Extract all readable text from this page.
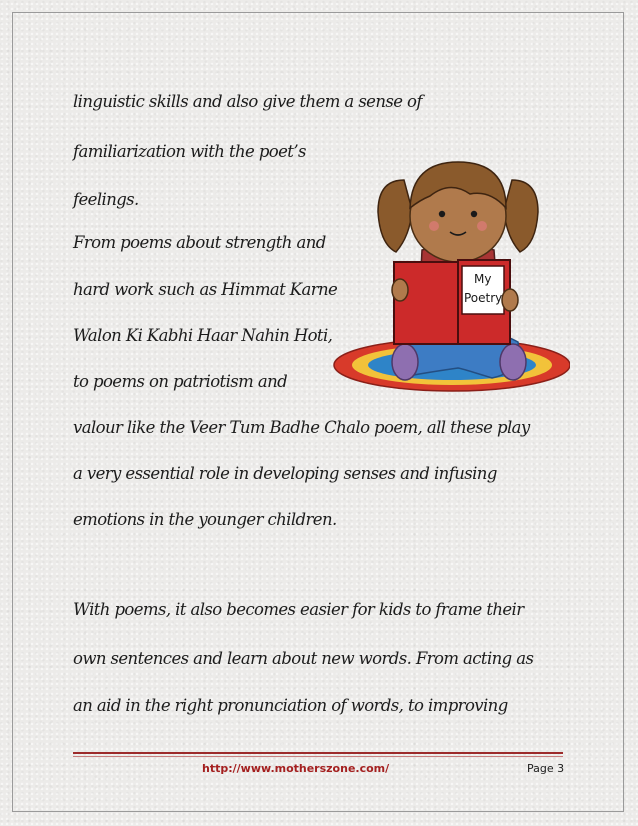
linguistic skills and also give them a sense of

familiarization with the poet’s

feelings.

From poems about strength and

hard work such as Himmat Karne

Walon Ki Kabhi Haar Nahin Hoti,

to poems on patriotism and

valour like the Veer Tum Badhe Chalo poem, all these play

a very essential role in developing senses and infusing

emotions in the younger children.

With poems, it also becomes easier for kids to frame their

own sentences and learn about new words. From acting as

an aid in the right pronunciation of words, to improving

My
Poetry
http://www.motherszone.com/	Page 3
